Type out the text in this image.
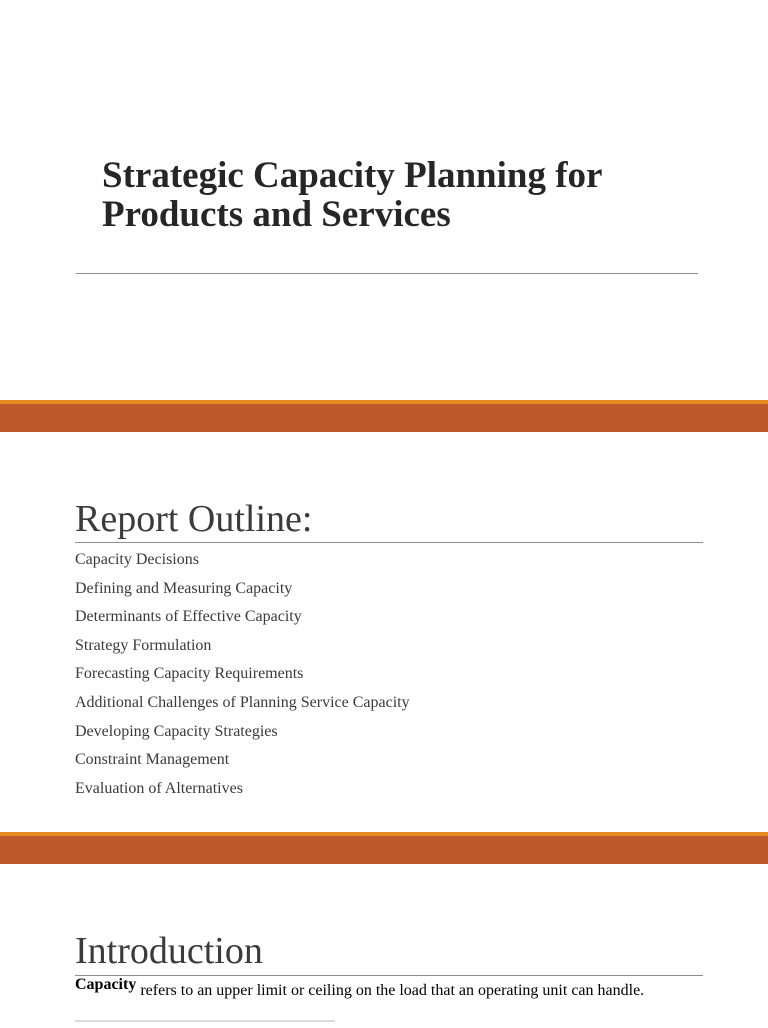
Strategic Capacity Planning for
Products and Services
Report Outline:
Capacity Decisions
Defining and Measuring Capacity
Determinants of Effective Capacity
Strategy Formulation
Forecasting Capacity Requirements
Additional Challenges of Planning Service Capacity
Developing Capacity Strategies
Constraint Management
Evaluation of Alternatives
Introduction

Capacity refers to an upper limit or ceiling on the load that an operating unit can handle.
